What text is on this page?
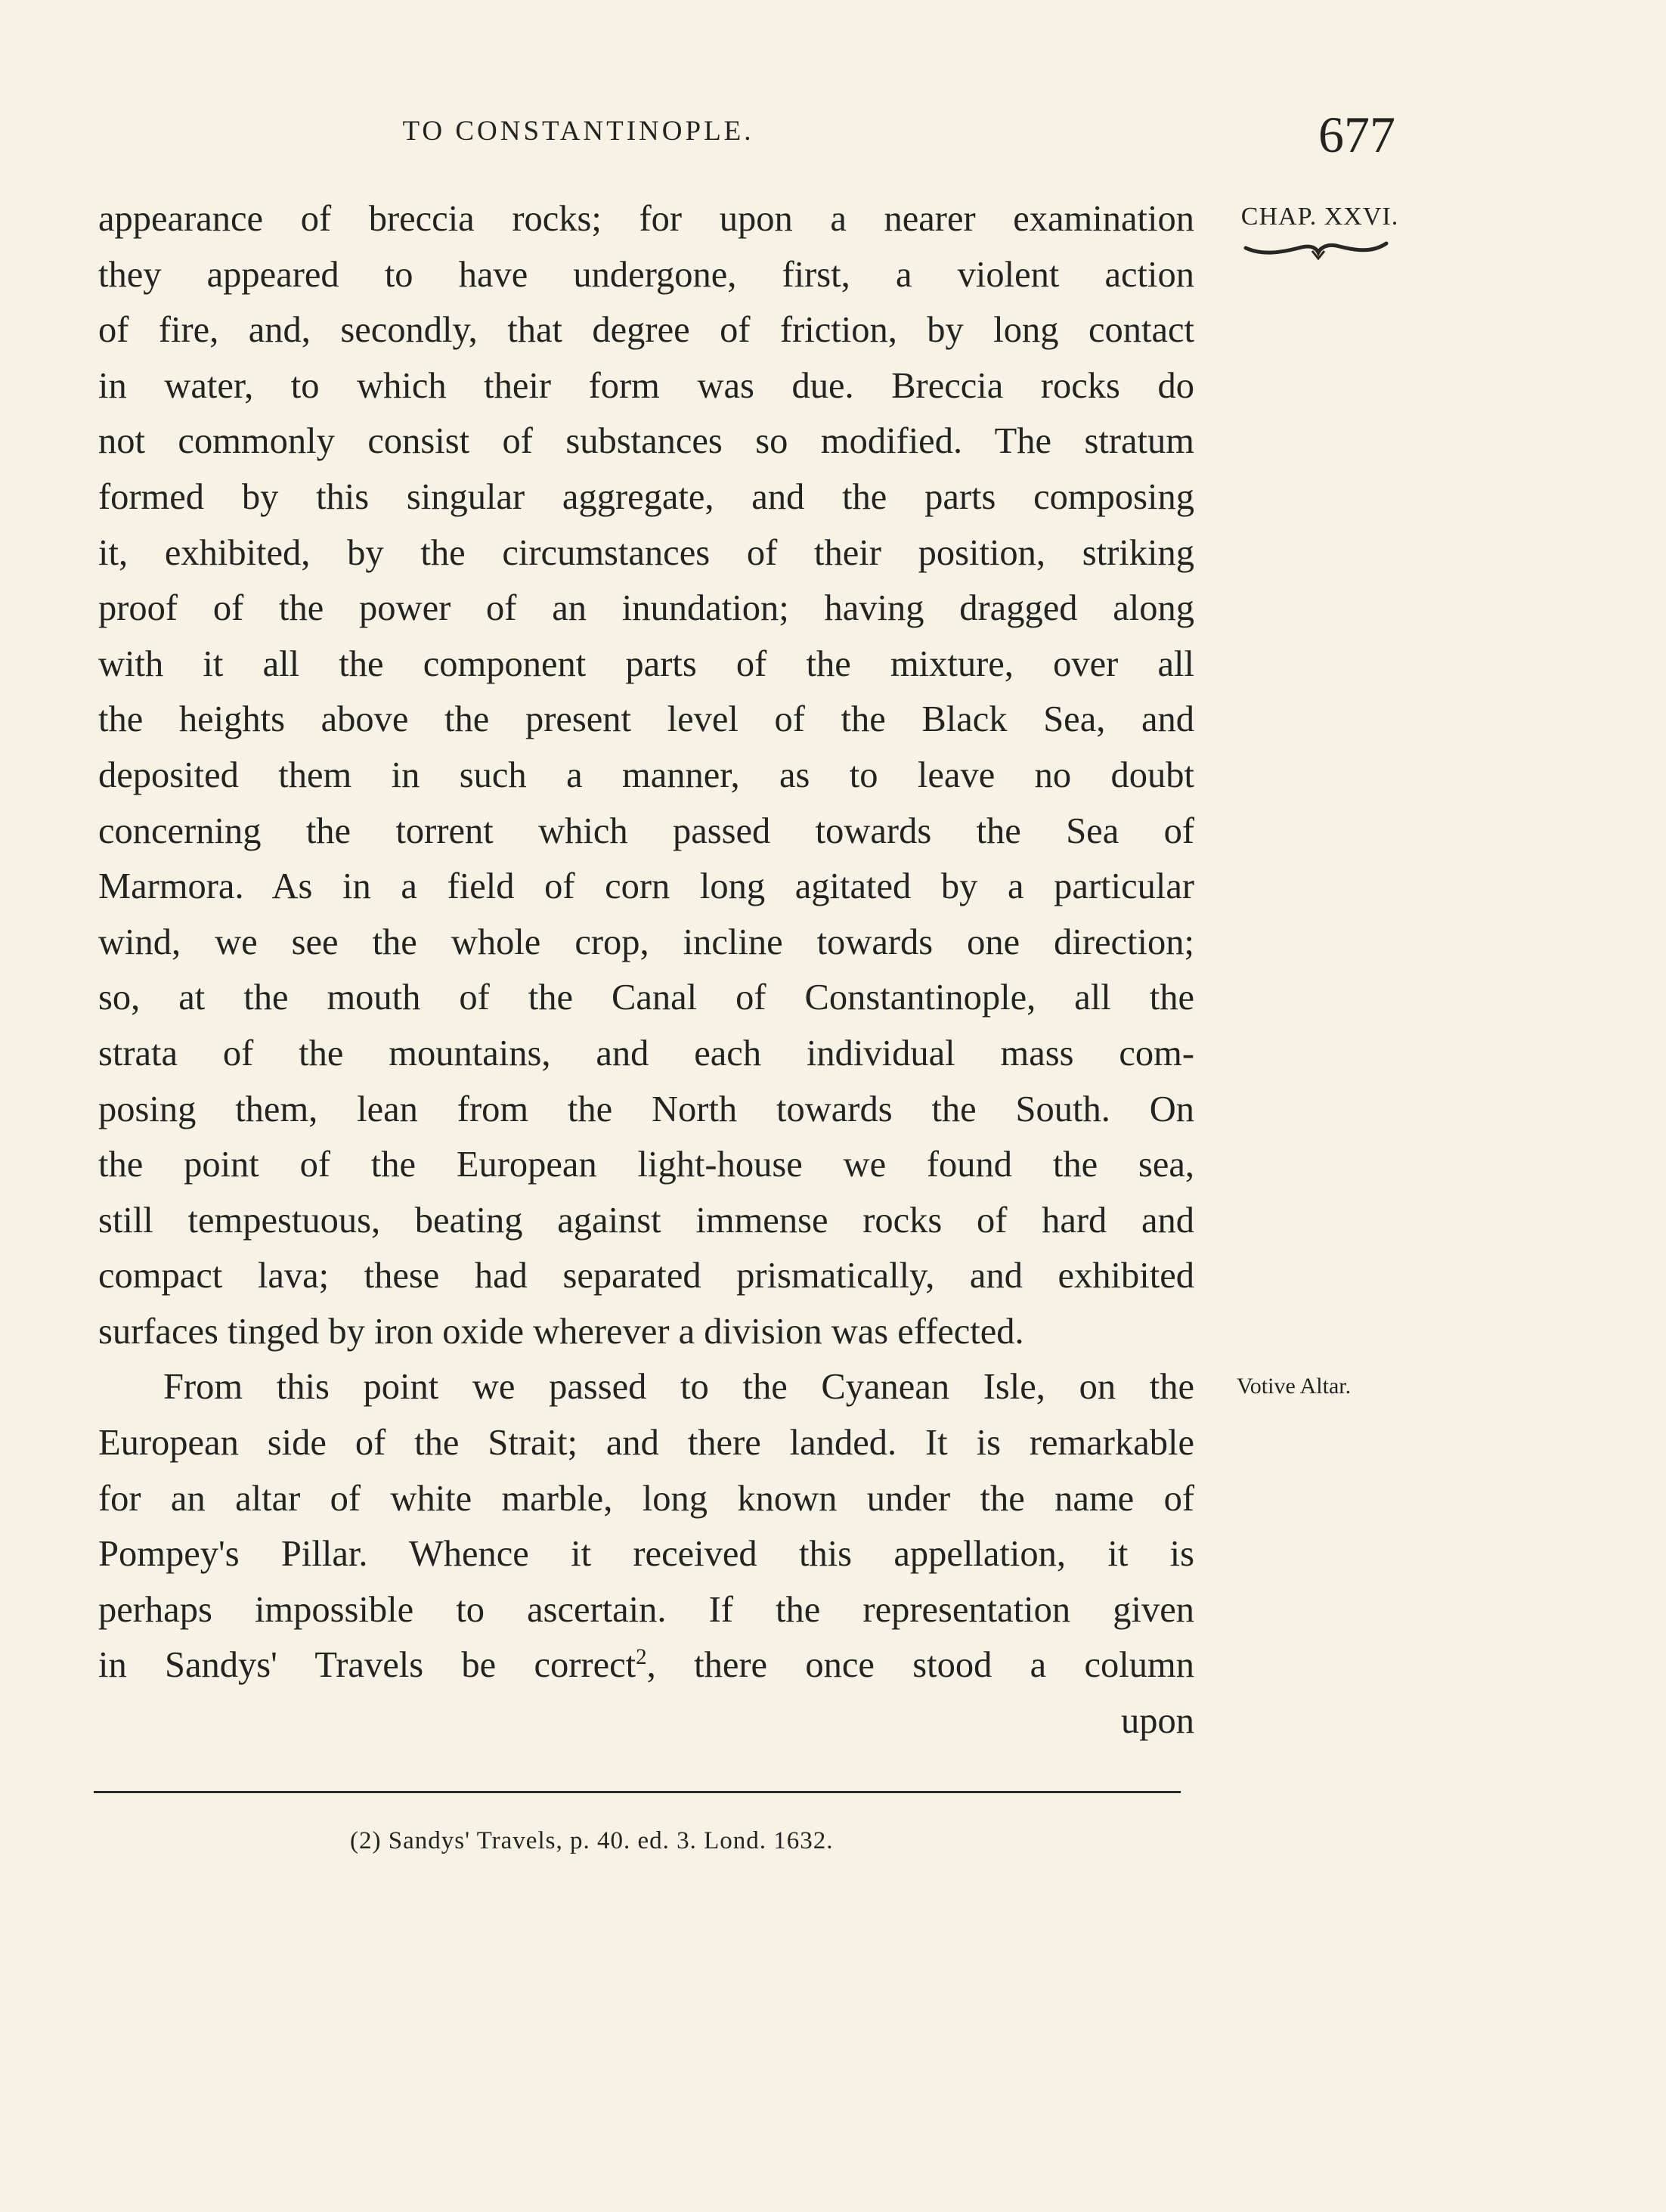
TO CONSTANTINOPLE.	677
CHAP. XXVI.
Votive Altar.
appearance of breccia rocks; for upon a nearer examination
they appeared to have undergone, first, a violent action
of fire, and, secondly, that degree of friction, by long contact
in water, to which their form was due. Breccia rocks do
not commonly consist of substances so modified. The stratum
formed by this singular aggregate, and the parts composing
it, exhibited, by the circumstances of their position, striking
proof of the power of an inundation; having dragged along
with it all the component parts of the mixture, over all
the heights above the present level of the Black Sea, and
deposited them in such a manner, as to leave no doubt
concerning the torrent which passed towards the Sea of
Marmora. As in a field of corn long agitated by a particular
wind, we see the whole crop, incline towards one direction;
so, at the mouth of the Canal of Constantinople, all the
strata of the mountains, and each individual mass com-
posing them, lean from the North towards the South. On
the point of the European light-house we found the sea,
still tempestuous, beating against immense rocks of hard and
compact lava; these had separated prismatically, and exhibited
surfaces tinged by iron oxide wherever a division was effected.
From this point we passed to the Cyanean Isle, on the
European side of the Strait; and there landed. It is remarkable
for an altar of white marble, long known under the name of
Pompey's Pillar. Whence it received this appellation, it is
perhaps impossible to ascertain. If the representation given
in Sandys' Travels be correct$^2$, there once stood a column
upon
(2) Sandys' Travels, p. 40. ed. 3. Lond. 1632.
